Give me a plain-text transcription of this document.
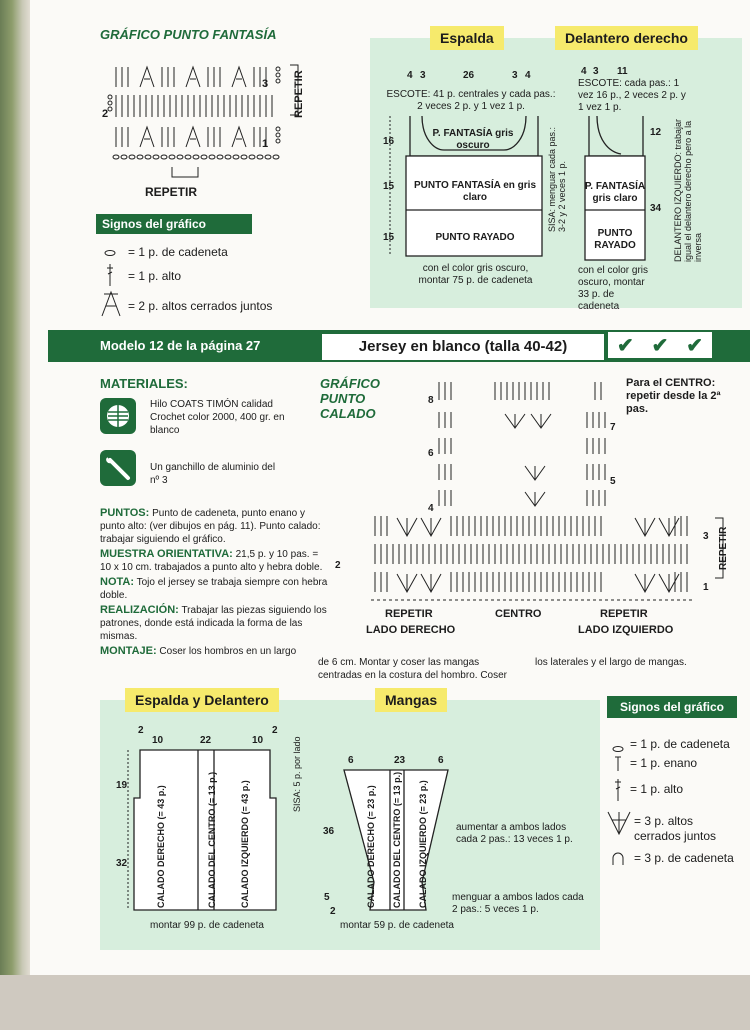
GRÁFICO PUNTO FANTASÍA
3
2
1
REPETIR
REPETIR
Signos del gráfico
= 1 p. de cadeneta
= 1 p. alto
= 2 p. altos cerrados juntos
Espalda	Delantero derecho
4 3	26	3 4
ESCOTE: 41 p. centrales y cada pas.: 2 veces 2 p. y 1 vez 1 p.
P. FANTASÍA gris oscuro
PUNTO FANTASÍA en gris claro
PUNTO RAYADO
16
15
15
SISA: menguar cada pas.: 3-2 y 2 veces 1 p.
con el color gris oscuro, montar 75 p. de cadeneta
4 3 11
ESCOTE: cada pas.: 1 vez 16 p., 2 veces 2 p. y 1 vez 1 p.
P. FANTASÍA gris claro
PUNTO RAYADO
12
34 DELANTERO IZQUIERDO: trabajar igual el delantero derecho pero a la inversa
con el color gris oscuro, montar 33 p. de cadeneta
Modelo 12 de la página 27	Jersey en blanco (talla 40-42)	✔ ✔ ✔
MATERIALES:
Hilo COATS TIMÓN calidad Crochet color 2000, 400 gr. en blanco
Un ganchillo de aluminio del nº 3
PUNTOS: Punto de cadeneta, punto enano y punto alto: (ver dibujos en pág. 11). Punto calado: trabajar siguiendo el gráfico.
MUESTRA ORIENTATIVA: 21,5 p. y 10 pas. = 10 x 10 cm. trabajados a punto alto y hebra doble.
NOTA: Tojo el jersey se trabaja siempre con hebra doble.
REALIZACIÓN: Trabajar las piezas siguiendo los patrones, donde está indicada la forma de las mismas.
MONTAJE: Coser los hombros en un largo
GRÁFICO
PUNTO
CALADO
Para el CENTRO: repetir desde la 2ª pas.
8
6
4
2
7
5
3
1
REPETIR
REPETIR	CENTRO	REPETIR
LADO DERECHO	LADO IZQUIERDO
de 6 cm. Montar y coser las mangas centradas en la costura del hombro. Coser
los laterales y el largo de mangas.
Espalda y Delantero	Mangas
2
10	22	10
2
19
32	CALADO DERECHO (= 43 p.)	CALADO DEL CENTRO (= 13 p.)	CALADO IZQUIERDO (= 43 p.)
SISA: 5 p. por lado
montar 99 p. de cadeneta
6	23	6
36
5
2
CALADO DERECHO (= 23 p.) CALADO DEL CENTRO (= 13 p.) CALADO IZQUIERDO (= 23 p.)	aumentar a ambos lados cada 2 pas.: 13 veces 1 p.
menguar a ambos lados cada 2 pas.: 5 veces 1 p.
montar 59 p. de cadeneta
Signos del gráfico
= 1 p. de cadeneta
= 1 p. enano
= 1 p. alto
= 3 p. altos cerrados juntos
= 3 p. de cadeneta
